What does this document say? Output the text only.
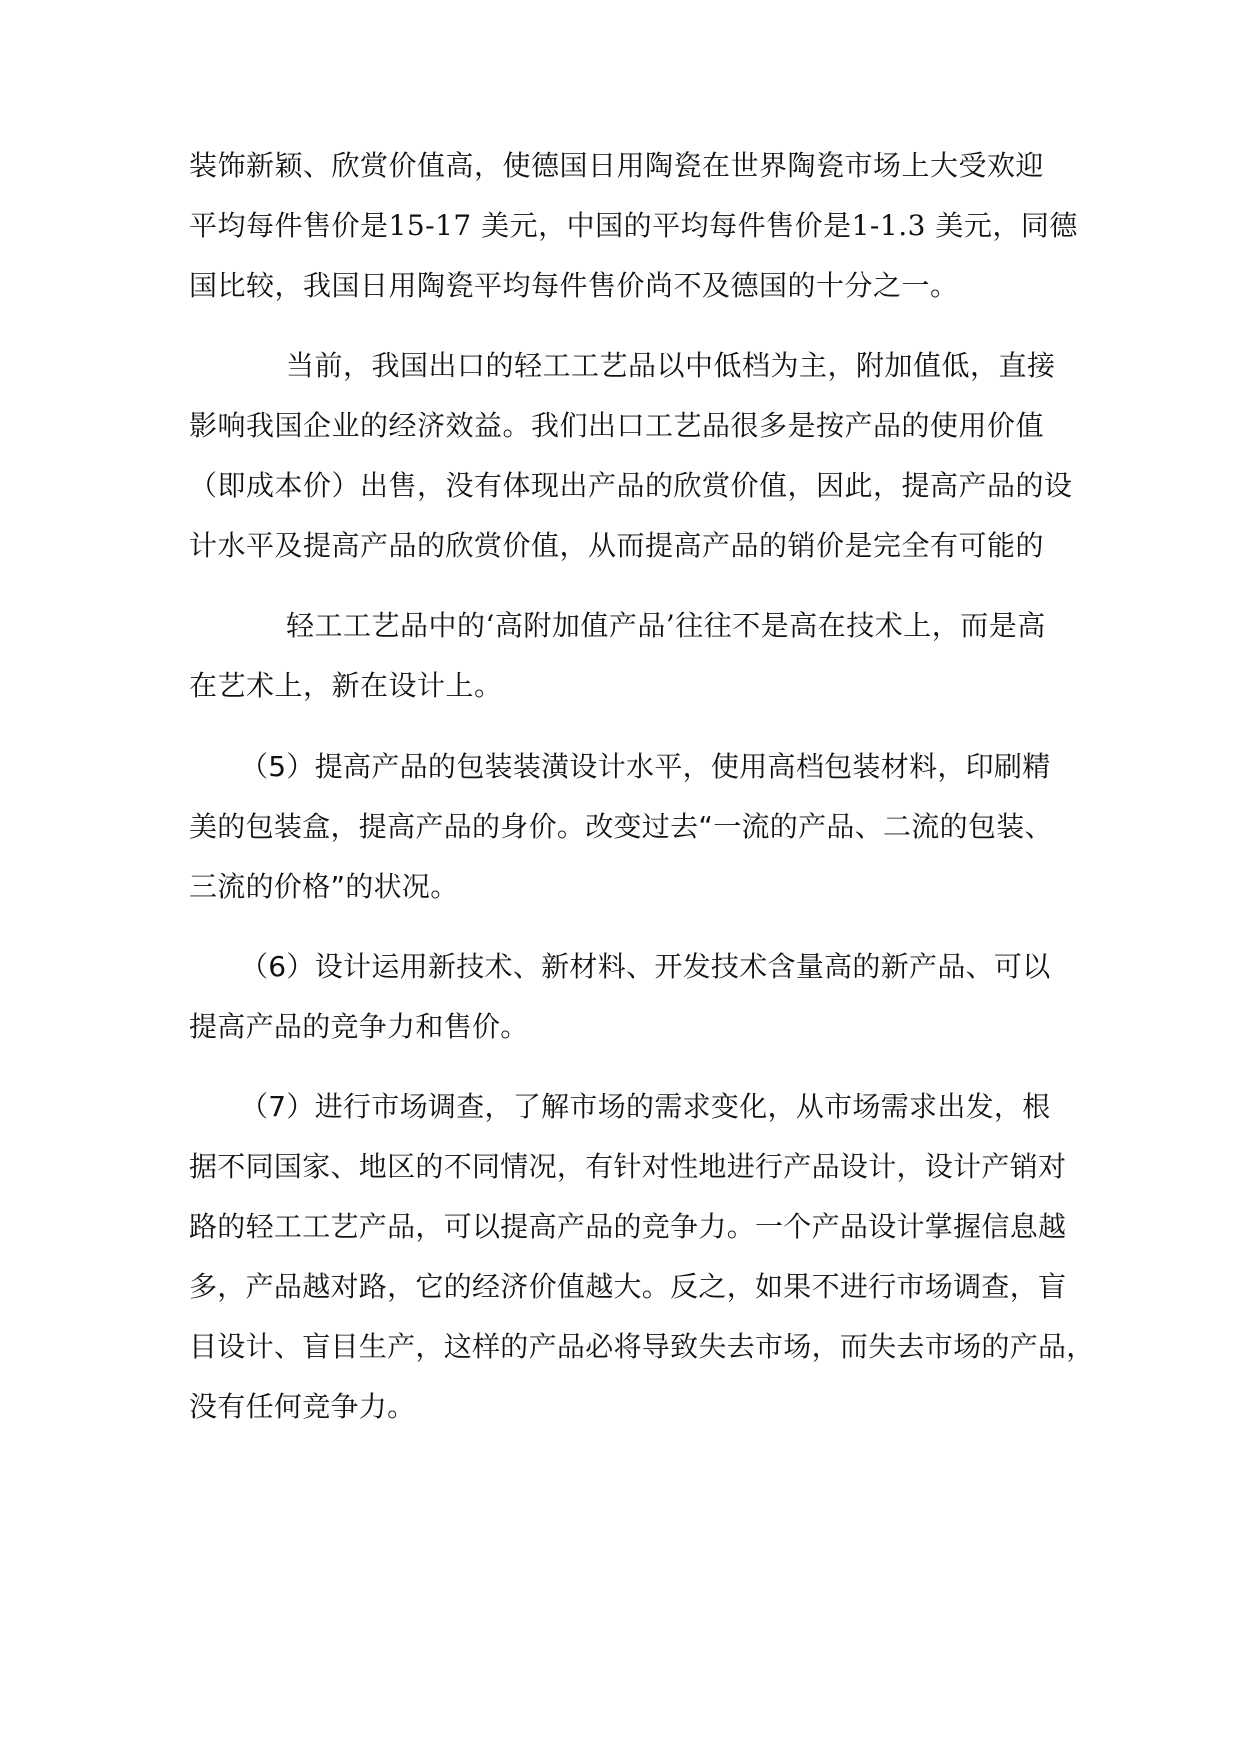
装饰新颖、欣赏价值高，使德国日用陶瓷在世界陶瓷市场上大受欢迎

平均每件售价是15-17 美元，中国的平均每件售价是1-1.3 美元，同德

国比较，我国日用陶瓷平均每件售价尚不及德国的十分之一。

当前，我国出口的轻工工艺品以中低档为主，附加值低，直接

影响我国企业的经济效益。我们出口工艺品很多是按产品的使用价值

（即成本价）出售，没有体现出产品的欣赏价值，因此，提高产品的设

计水平及提高产品的欣赏价值，从而提高产品的销价是完全有可能的

轻工工艺品中的‘高附加值产品’往往不是高在技术上，而是高

在艺术上，新在设计上。

（5）提高产品的包装装潢设计水平，使用高档包装材料，印刷精

美的包装盒，提高产品的身价。改变过去“一流的产品、二流的包装、

三流的价格”的状况。

（6）设计运用新技术、新材料、开发技术含量高的新产品、可以

提高产品的竞争力和售价。

（7）进行市场调查，了解市场的需求变化，从市场需求出发，根

据不同国家、地区的不同情况，有针对性地进行产品设计，设计产销对

路的轻工工艺产品，可以提高产品的竞争力。一个产品设计掌握信息越

多，产品越对路，它的经济价值越大。反之，如果不进行市场调查，盲

目设计、盲目生产，这样的产品必将导致失去市场，而失去市场的产品，

没有任何竞争力。
